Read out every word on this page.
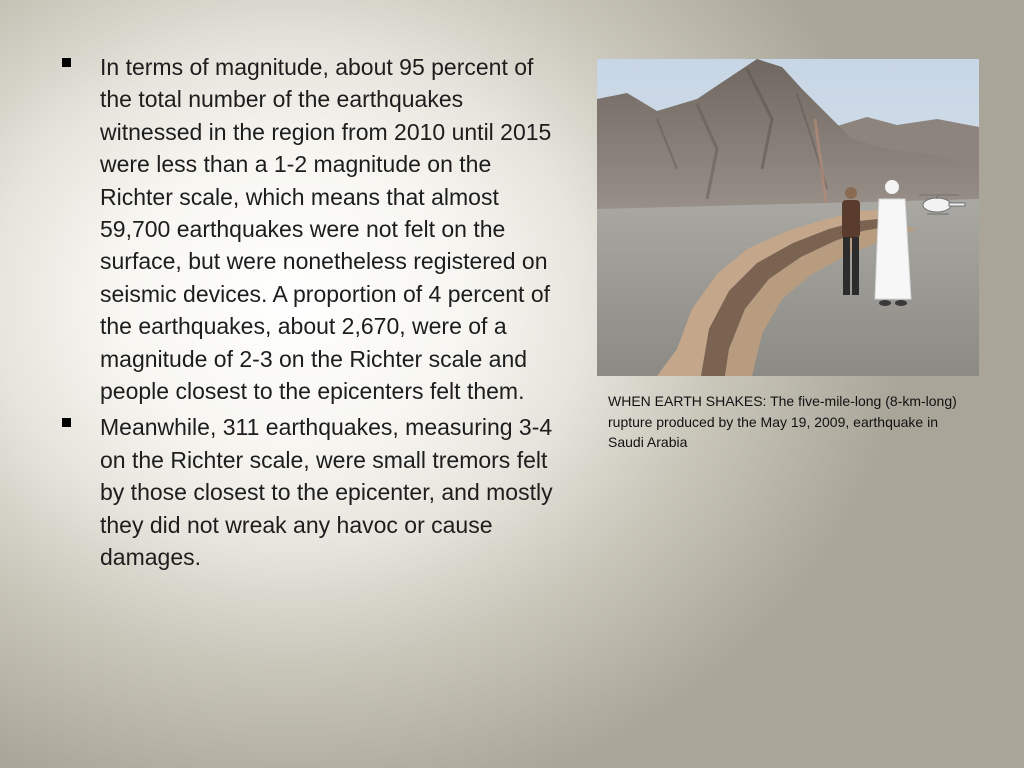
In terms of magnitude, about 95 percent of the total number of the earthquakes witnessed in the region from 2010 until 2015 were less than a 1-2 magnitude on the Richter scale, which means that almost 59,700 earthquakes were not felt on the surface, but were nonetheless registered on seismic devices. A proportion of 4 percent of the earthquakes, about 2,670, were of a magnitude of 2-3 on the Richter scale and people closest to the epicenters felt them.
Meanwhile, 311 earthquakes, measuring 3-4 on the Richter scale, were small tremors felt by those closest to the epicenter, and mostly they did not wreak any havoc or cause damages.
WHEN EARTH SHAKES: The five-mile-long (8-km-long) rupture produced by the May 19, 2009, earthquake in Saudi Arabia
